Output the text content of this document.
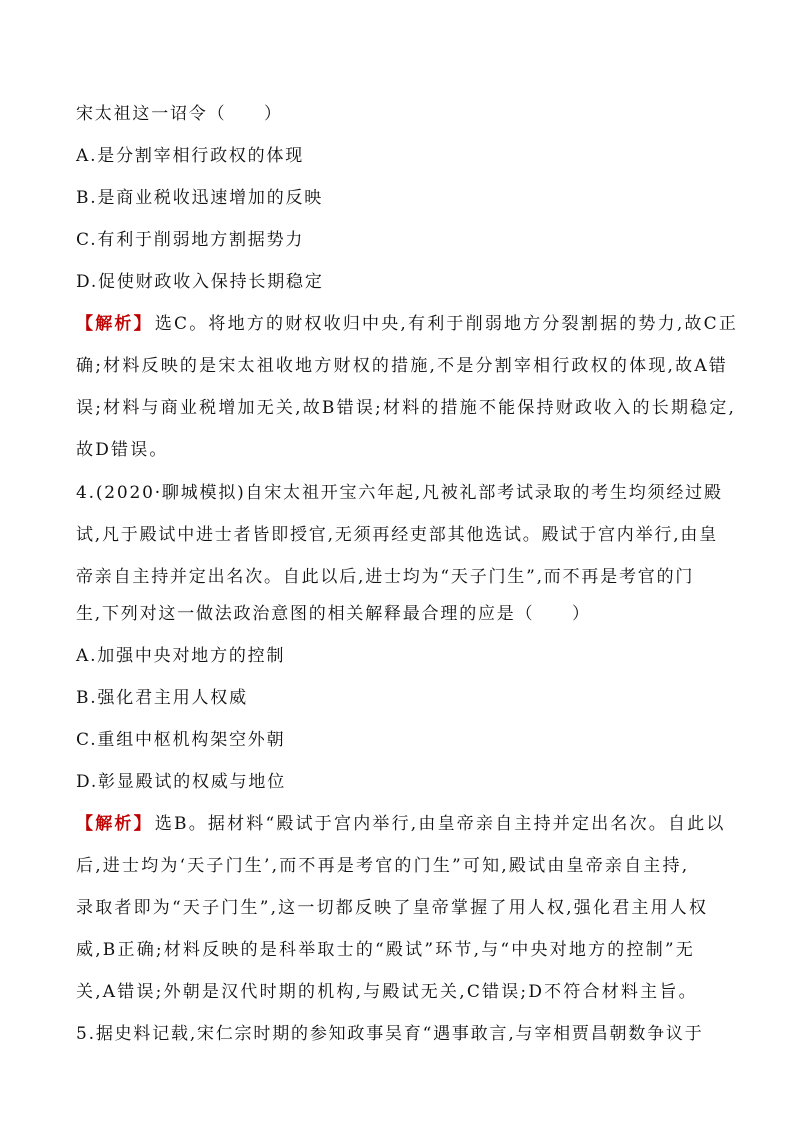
宋太祖这一诏令（　　）
A.是分割宰相行政权的体现
B.是商业税收迅速增加的反映
C.有利于削弱地方割据势力
D.促使财政收入保持长期稳定
【解析】 选C。将地方的财权收归中央,有利于削弱地方分裂割据的势力,故C正
确;材料反映的是宋太祖收地方财权的措施,不是分割宰相行政权的体现,故A错
误;材料与商业税增加无关,故B错误;材料的措施不能保持财政收入的长期稳定,
故D错误。
4.(2020·聊城模拟)自宋太祖开宝六年起,凡被礼部考试录取的考生均须经过殿
试,凡于殿试中进士者皆即授官,无须再经吏部其他选试。殿试于宫内举行,由皇
帝亲自主持并定出名次。自此以后,进士均为“天子门生”,而不再是考官的门
生,下列对这一做法政治意图的相关解释最合理的应是（　　）
A.加强中央对地方的控制
B.强化君主用人权威
C.重组中枢机构架空外朝
D.彰显殿试的权威与地位
【解析】 选B。据材料“殿试于宫内举行,由皇帝亲自主持并定出名次。自此以
后,进士均为‘天子门生’,而不再是考官的门生”可知,殿试由皇帝亲自主持,
录取者即为“天子门生”,这一切都反映了皇帝掌握了用人权,强化君主用人权
威,B正确;材料反映的是科举取士的“殿试”环节,与“中央对地方的控制”无
关,A错误;外朝是汉代时期的机构,与殿试无关,C错误;D不符合材料主旨。
5.据史料记载,宋仁宗时期的参知政事吴育“遇事敢言,与宰相贾昌朝数争议于
